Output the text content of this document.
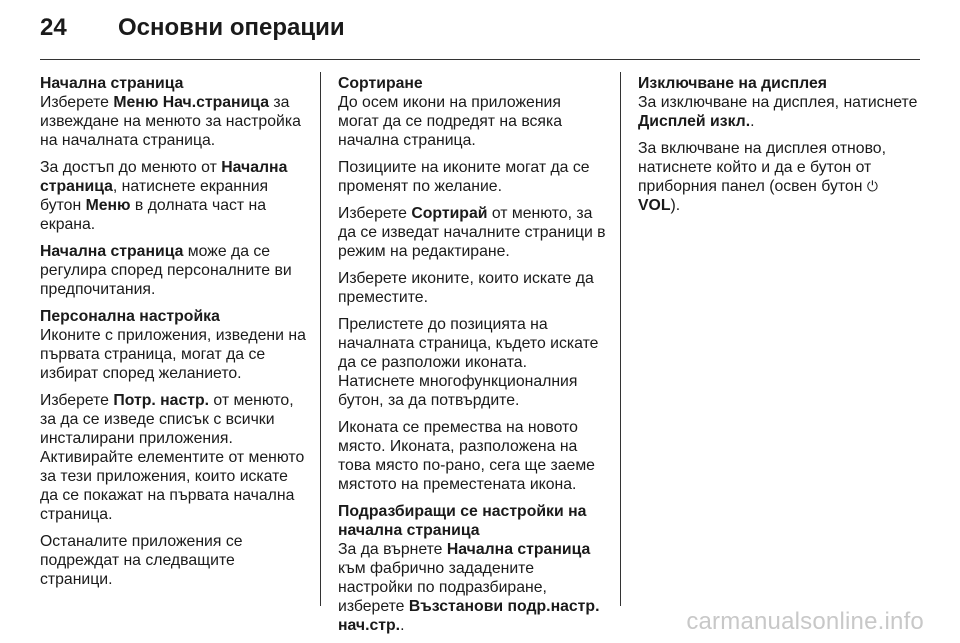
24	Основни операции
Начална страница

Изберете Меню Нач.страница за извеждане на менюто за настройка на началната страница.

За достъп до менюто от Начална страница, натиснете екранния бутон Меню в долната част на екрана.

Начална страница може да се регулира според персоналните ви предпочитания.

Персонална настройка

Иконите с приложения, изведени на първата страница, могат да се избират според желанието.

Изберете Потр. настр. от менюто, за да се изведе списък с всички инсталирани приложения.
Активирайте елементите от менюто за тези приложения, които искате да се покажат на първата начална страница.

Останалите приложения се подреждат на следващите страници.

Сортиране

До осем икони на приложения могат да се подредят на всяка начална страница.

Позициите на иконите могат да се променят по желание.

Изберете Сортирай от менюто, за да се изведат началните страници в режим на редактиране.

Изберете иконите, които искате да преместите.

Прелистете до позицията на началната страница, където искате да се разположи иконата.
Натиснете многофункционалния бутон, за да потвърдите.

Иконата се премества на новото място. Иконата, разположена на това място по-рано, сега ще заеме мястото на преместената икона.

Подразбиращи се настройки на начална страница

За да върнете Начална страница към фабрично зададените настройки по подразбиране, изберете Възстанови подр.настр. нач.стр..

Изключване на дисплея

За изключване на дисплея, натиснете Дисплей изкл..

За включване на дисплея отново, натиснете който и да е бутон от приборния панел (освен бутон ⏻ VOL).

carmanualsonline.info
